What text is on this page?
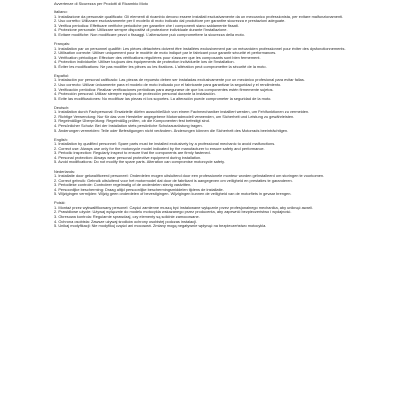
Avvertenze di Sicurezza per Prodotti di Ricambio Moto
Italiano:
1. Installazione da personale qualificato: Gli elementi di ricambio devono essere installati esclusivamente da un meccanico professionista, per evitare malfunzionamenti.
2. Uso corretto: Utilizzare esclusivamente per il modello di moto indicato dal produttore per garantire sicurezza e prestazioni adeguate.
3. Verifica periodica: Effettuare verifiche periodiche per garantire che i componenti siano saldamente fissati.
4. Protezione personale: Utilizzare sempre dispositivi di protezione individuale durante l'installazione.
5. Evitare modifiche: Non modificare pezzi o fissaggi. L'alterazione può compromettere la sicurezza della moto.
Français:
1. Installation par un personnel qualifié: Les pièces détachées doivent être installées exclusivement par un mécanicien professionnel pour éviter des dysfonctionnements.
2. Utilisation correcte: Utiliser uniquement pour le modèle de moto indiqué par le fabricant pour garantir sécurité et performances.
3. Vérification périodique: Effectuer des vérifications régulières pour s'assurer que les composants sont bien fermement.
4. Protection individuelle: Utiliser toujours des équipements de protection individuelle lors de l'installation.
5. Éviter les modifications: Ne pas modifier les pièces ou les fixations. L'altération peut compromettre la sécurité de la moto.
Español:
1. Instalación por personal calificado: Las piezas de repuesto deben ser instaladas exclusivamente por un mecánico profesional para evitar fallas.
2. Uso correcto: Utilizar únicamente para el modelo de moto indicado por el fabricante para garantizar la seguridad y el rendimiento.
3. Verificación periódica: Realizar verificaciones periódicas para asegurarse de que los componentes estén firmemente sujetos.
4. Protección personal: Utilizar siempre equipos de protección personal durante la instalación.
5. Evite las modificaciones: No modificar las piezas ni los soportes. La alteración puede comprometer la seguridad de la moto.
Deutsch:
1. Installation durch Fachpersonal: Ersatzteile dürfen ausschließlich von einem Fachmechaniker installiert werden, um Fehlfunktionen zu vermeiden.
2. Richtige Verwendung: Nur für das vom Hersteller angegebene Motorradmodell verwenden, um Sicherheit und Leistung zu gewährleisten.
3. Regelmäßige Überprüfung: Regelmäßig prüfen, ob die Komponenten fest befestigt sind.
4. Persönlicher Schutz: Bei der Installation stets persönliche Schutzausrüstung tragen.
5. Änderungen vermeiden: Teile oder Befestigungen nicht verändern. Änderungen können die Sicherheit des Motorrads beeinträchtigen.
English:
1. Installation by qualified personnel: Spare parts must be installed exclusively by a professional mechanic to avoid malfunctions.
2. Correct use: Always use only for the motorcycle model indicated by the manufacturer to ensure safety and performance.
3. Periodic inspection: Regularly inspect to ensure that the components are firmly fastened.
4. Personal protection: Always wear personal protective equipment during installation.
5. Avoid modifications: Do not modify the spare parts. Alteration can compromise motorcycle safety.
Nederlands:
1. Installatie door gekwalificeerd personeel: Onderdelen mogen uitsluitend door een professionele monteur worden geïnstalleerd om storingen te voorkomen.
2. Correct gebruik: Gebruik uitsluitend voor het motormodel dat door de fabrikant is aangegeven om veiligheid en prestaties te garanderen.
3. Periodieke controle: Controleer regelmatig of de onderdelen stevig vastzitten.
4. Persoonlijke bescherming: Draag altijd persoonlijke beschermingsmiddelen tijdens de installatie.
5. Wijzigingen vermijden: Wijzig geen onderdelen of bevestigingen. Wijzigingen kunnen de veiligheid van de motorfiets in gevaar brengen.
Polski:
1. Montaż przez wykwalifikowany personel: Części zamienne muszą być instalowane wyłącznie przez profesjonalnego mechanika, aby uniknąć awarii.
2. Prawidłowe użycie: Używaj wyłącznie do modelu motocykla wskazanego przez producenta, aby zapewnić bezpieczeństwo i wydajność.
3. Okresowa kontrola: Regularnie sprawdzaj, czy elementy są solidnie zamocowane.
4. Ochrona osobista: Zawsze używaj środków ochrony osobistej podczas instalacji.
5. Unikaj modyfikacji: Nie modyfikuj części ani mocowań. Zmiany mogą negatywnie wpłynąć na bezpieczeństwo motocykla.
